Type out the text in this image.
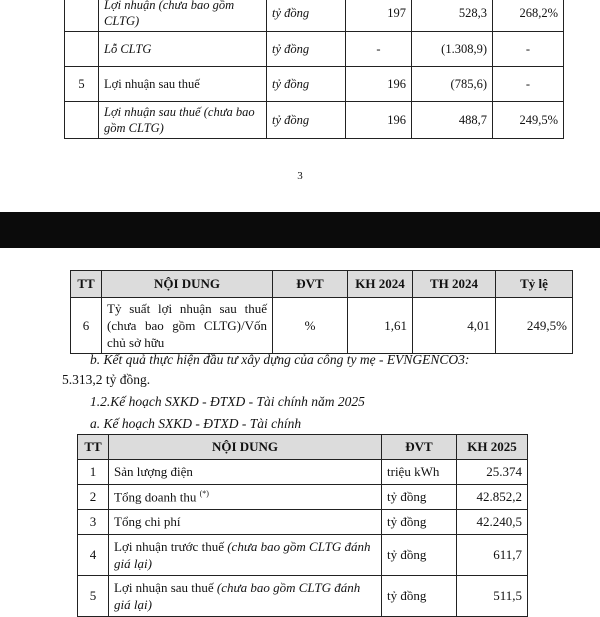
	Lợi nhuận (chưa bao gồm CLTG)	tỷ đồng	197	528,3	268,2%
	Lỗ CLTG	tỷ đồng	-	(1.308,9)	-
5	Lợi nhuận sau thuế	tỷ đồng	196	(785,6)	-
	Lợi nhuận sau thuế (chưa bao gồm CLTG)	tỷ đồng	196	488,7	249,5%
3
TT	NỘI DUNG	ĐVT	KH 2024	TH 2024	Tỷ lệ
6	Tỷ suất lợi nhuận sau thuế (chưa bao gồm CLTG)/Vốn chủ sở hữu	%	1,61	4,01	249,5%
b. Kết quả thực hiện đầu tư xây dựng của công ty mẹ - EVNGENCO3:
5.313,2 tỷ đồng.
1.2.Kế hoạch SXKD - ĐTXD - Tài chính năm 2025
a. Kế hoạch SXKD - ĐTXD - Tài chính
TT	NỘI DUNG	ĐVT	KH 2025
1	Sản lượng điện	triệu kWh	25.374
2	Tổng doanh thu (*)	tỷ đồng	42.852,2
3	Tổng chi phí	tỷ đồng	42.240,5
4	Lợi nhuận trước thuế (chưa bao gồm CLTG đánh giá lại)	tỷ đồng	611,7
5	Lợi nhuận sau thuế (chưa bao gồm CLTG đánh giá lại)	tỷ đồng	511,5
